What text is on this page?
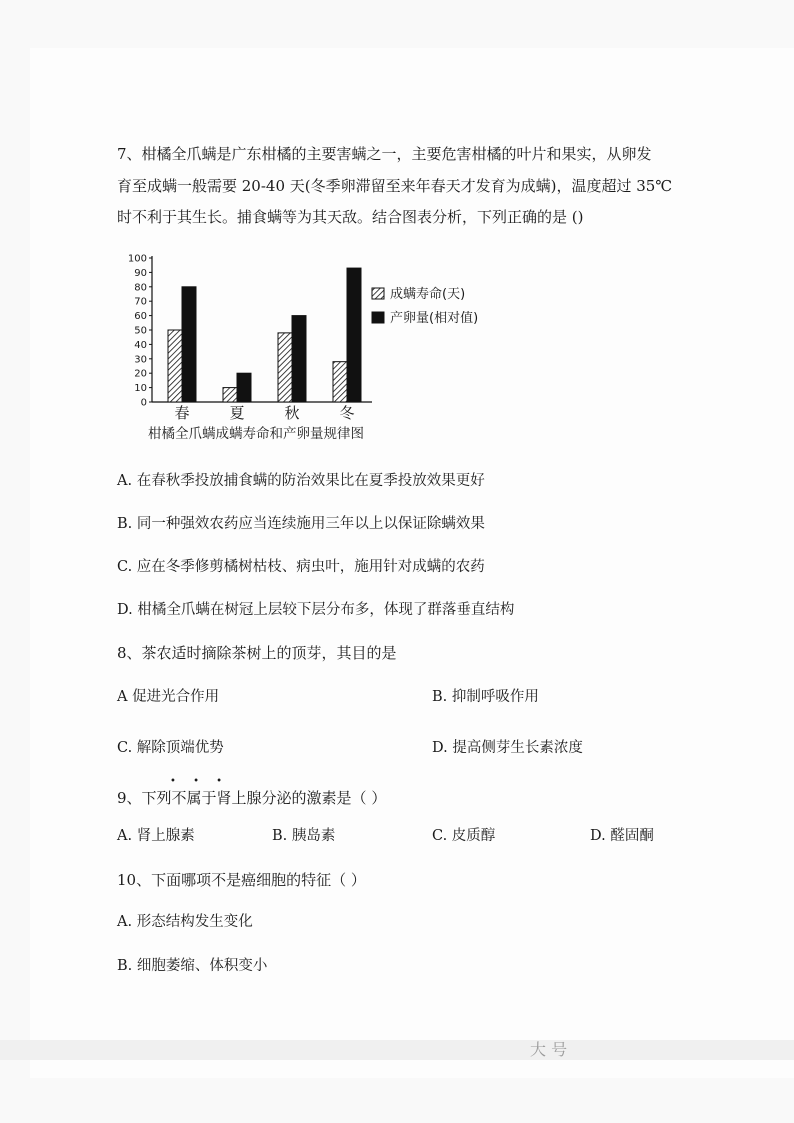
7、柑橘全爪螨是广东柑橘的主要害螨之一，主要危害柑橘的叶片和果实，从卵发
育至成螨一般需要 20-40 天(冬季卵滞留至来年春天才发育为成螨)，温度超过 35℃
时不利于其生长。捕食螨等为其天敌。结合图表分析，下列正确的是 ()
0
10
20
30
40
50
60
70
80
90
100
春	夏	秋	冬
成螨寿命(天)
产卵量(相对值)
柑橘全爪螨成螨寿命和产卵量规律图
A. 在春秋季投放捕食螨的防治效果比在夏季投放效果更好
B. 同一种强效农药应当连续施用三年以上以保证除螨效果
C. 应在冬季修剪橘树枯枝、病虫叶，施用针对成螨的农药
D. 柑橘全爪螨在树冠上层较下层分布多，体现了群落垂直结构
8、茶农适时摘除茶树上的顶芽，其目的是
A 促进光合作用	B. 抑制呼吸作用
C. 解除顶端优势	D. 提高侧芽生长素浓度
• • •
9、下列不属于肾上腺分泌的激素是（ ）
A. 肾上腺素	B. 胰岛素	C. 皮质醇	D. 醛固酮
10、下面哪项不是癌细胞的特征（ ）
A. 形态结构发生变化
B. 细胞萎缩、体积变小
大 号
